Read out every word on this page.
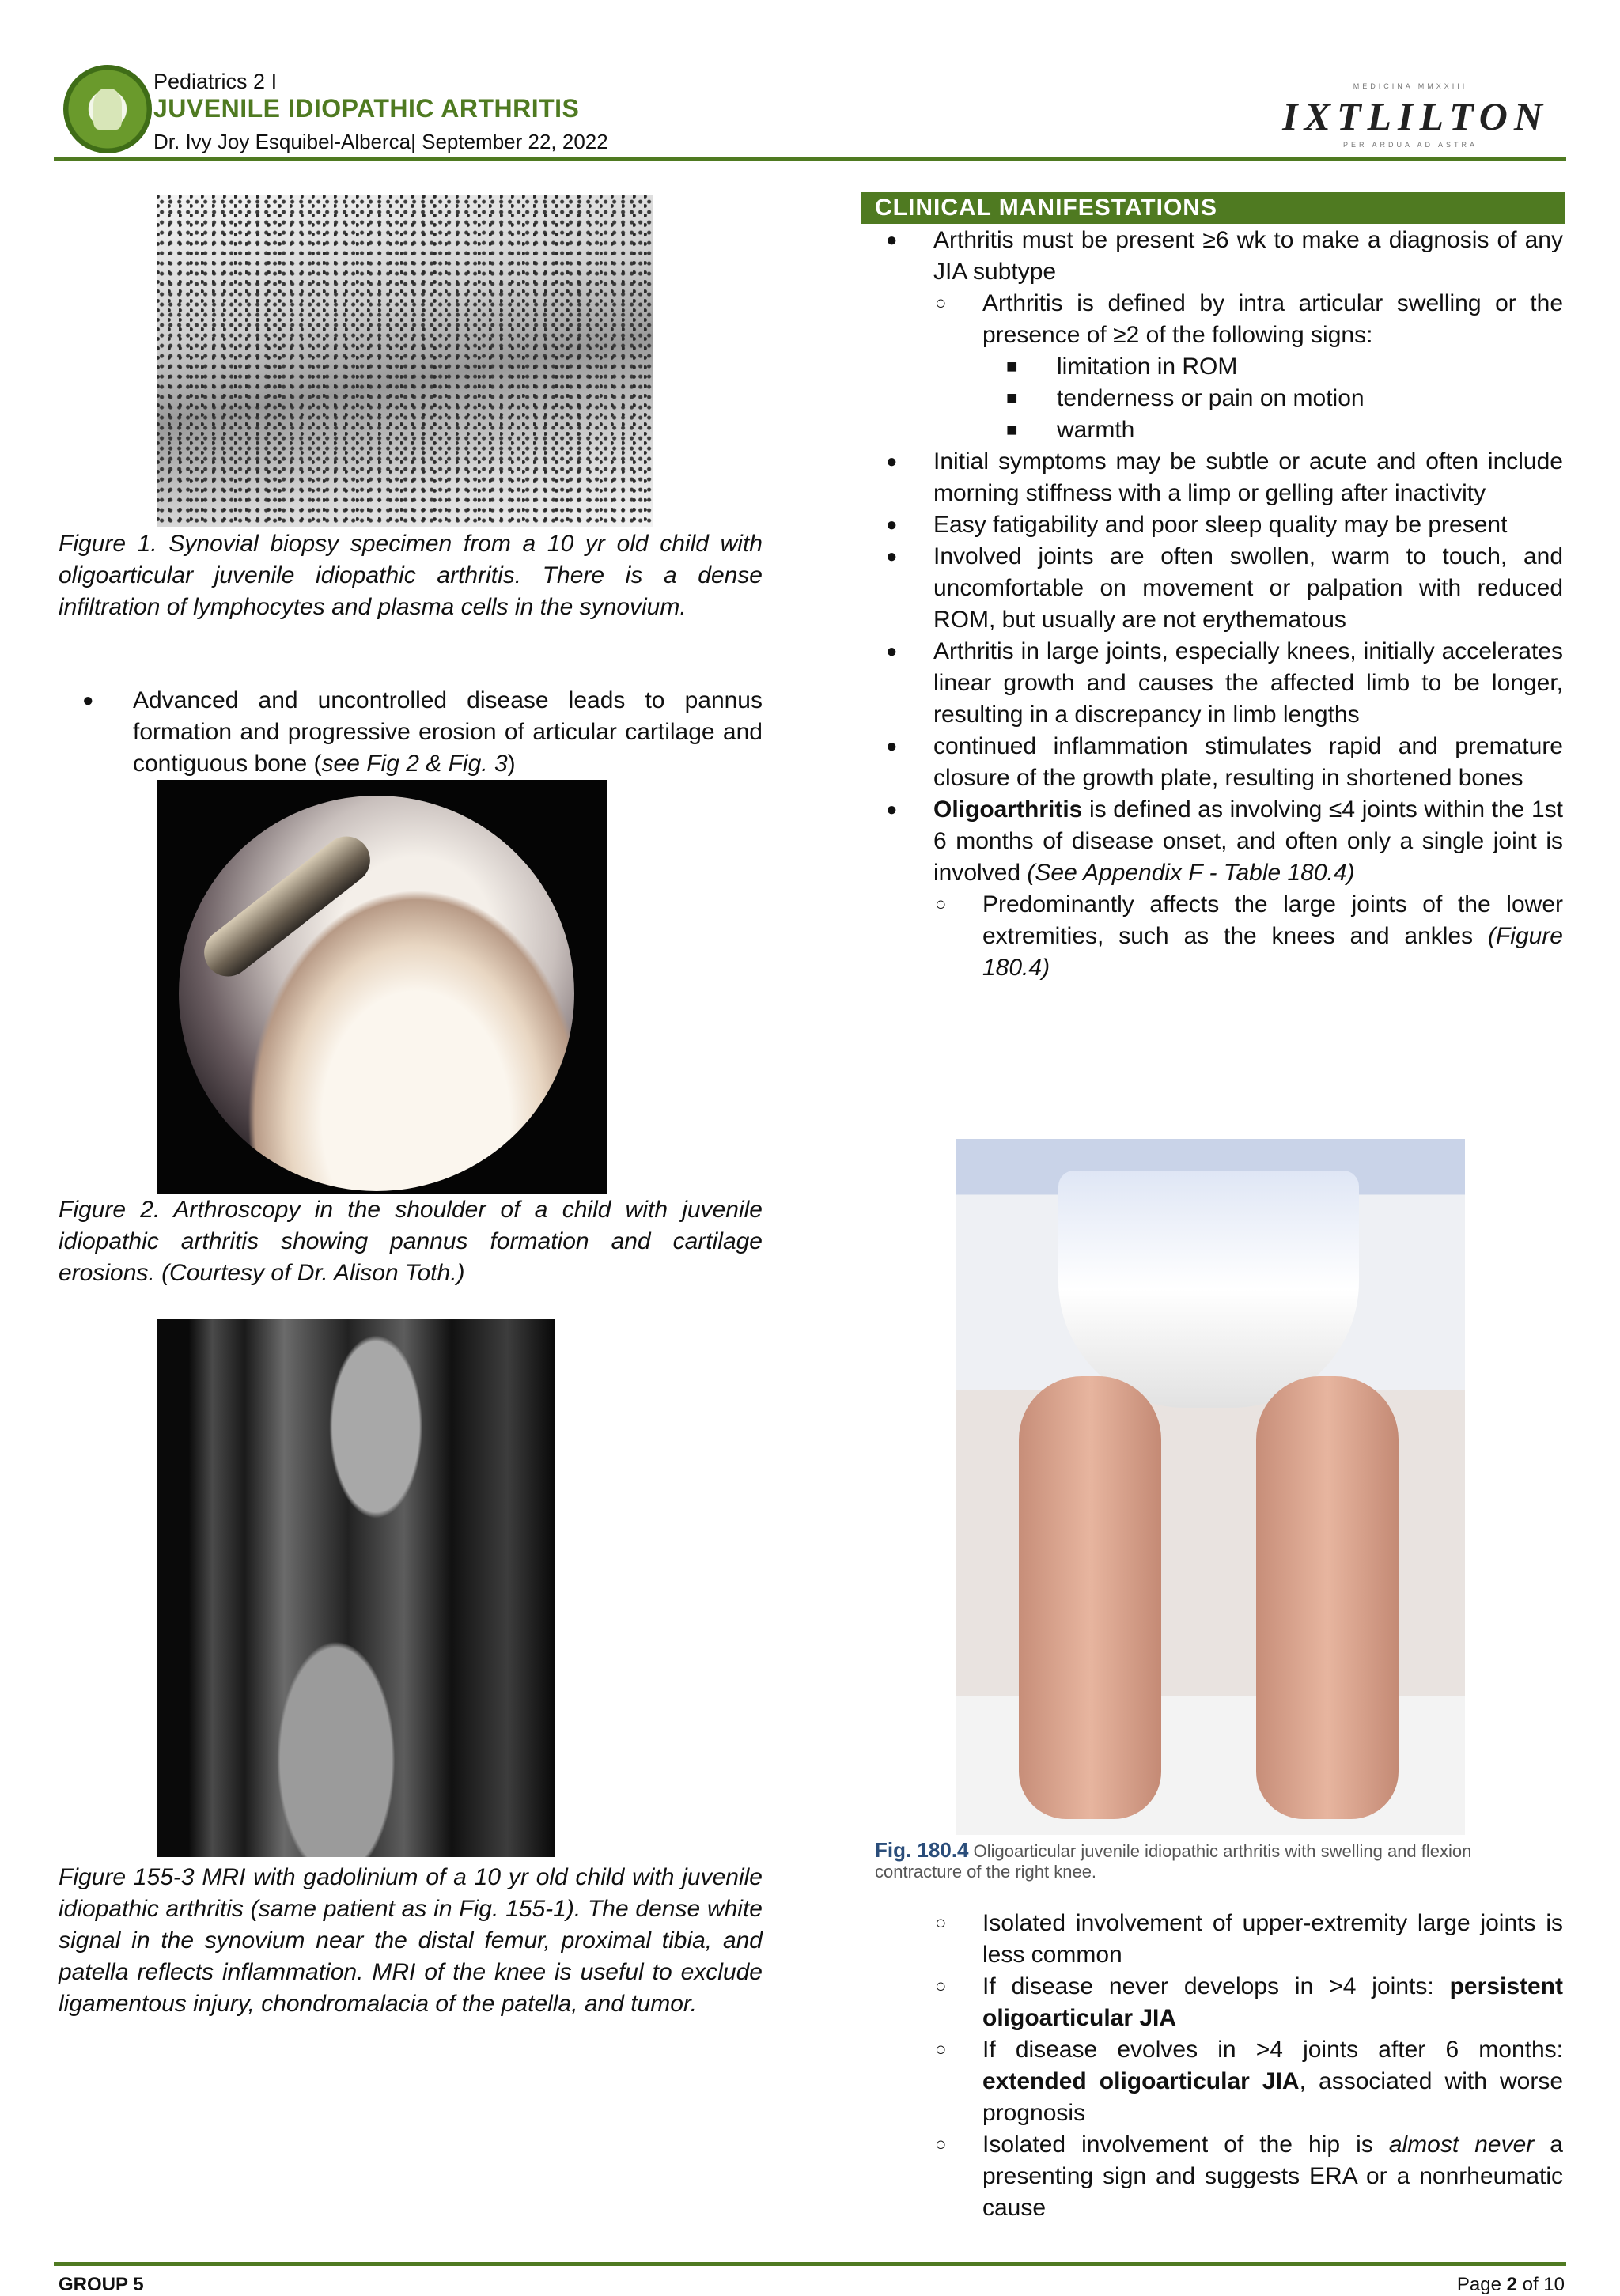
Pediatrics 2 I
JUVENILE IDIOPATHIC ARTHRITIS
Dr. Ivy Joy Esquibel-Alberca| September 22, 2022
MEDICINA MMXXIII
IXTLILTON
PER ARDUA AD ASTRA
Figure 1. Synovial biopsy specimen from a 10 yr old child with oligoarticular juvenile idiopathic arthritis. There is a dense infiltration of lymphocytes and plasma cells in the synovium.
● Advanced and uncontrolled disease leads to pannus formation and progressive erosion of articular cartilage and contiguous bone (see Fig 2 & Fig. 3)
Figure 2. Arthroscopy in the shoulder of a child with juvenile idiopathic arthritis showing pannus formation and cartilage erosions. (Courtesy of Dr. Alison Toth.)
Figure 155-3 MRI with gadolinium of a 10 yr old child with juvenile idiopathic arthritis (same patient as in Fig. 155-1). The dense white signal in the synovium near the distal femur, proximal tibia, and patella reflects inflammation. MRI of the knee is useful to exclude ligamentous injury, chondromalacia of the patella, and tumor.
CLINICAL MANIFESTATIONS
● Arthritis must be present ≥6 wk to make a diagnosis of any JIA subtype
○ Arthritis is defined by intra articular swelling or the presence of ≥2 of the following signs:
■ limitation in ROM
■ tenderness or pain on motion
■ warmth
● Initial symptoms may be subtle or acute and often include morning stiffness with a limp or gelling after inactivity
● Easy fatigability and poor sleep quality may be present
● Involved joints are often swollen, warm to touch, and uncomfortable on movement or palpation with reduced ROM, but usually are not erythematous
● Arthritis in large joints, especially knees, initially accelerates linear growth and causes the affected limb to be longer, resulting in a discrepancy in limb lengths
● continued inflammation stimulates rapid and premature closure of the growth plate, resulting in shortened bones
● Oligoarthritis is defined as involving ≤4 joints within the 1st 6 months of disease onset, and often only a single joint is involved (See Appendix F - Table 180.4)
○ Predominantly affects the large joints of the lower extremities, such as the knees and ankles (Figure 180.4)
Fig. 180.4 Oligoarticular juvenile idiopathic arthritis with swelling and flexion contracture of the right knee.
○ Isolated involvement of upper-extremity large joints is less common
○ If disease never develops in >4 joints: persistent oligoarticular JIA
○ If disease evolves in >4 joints after 6 months: extended oligoarticular JIA, associated with worse prognosis
○ Isolated involvement of the hip is almost never a presenting sign and suggests ERA or a nonrheumatic cause
GROUP 5	Page 2 of 10
